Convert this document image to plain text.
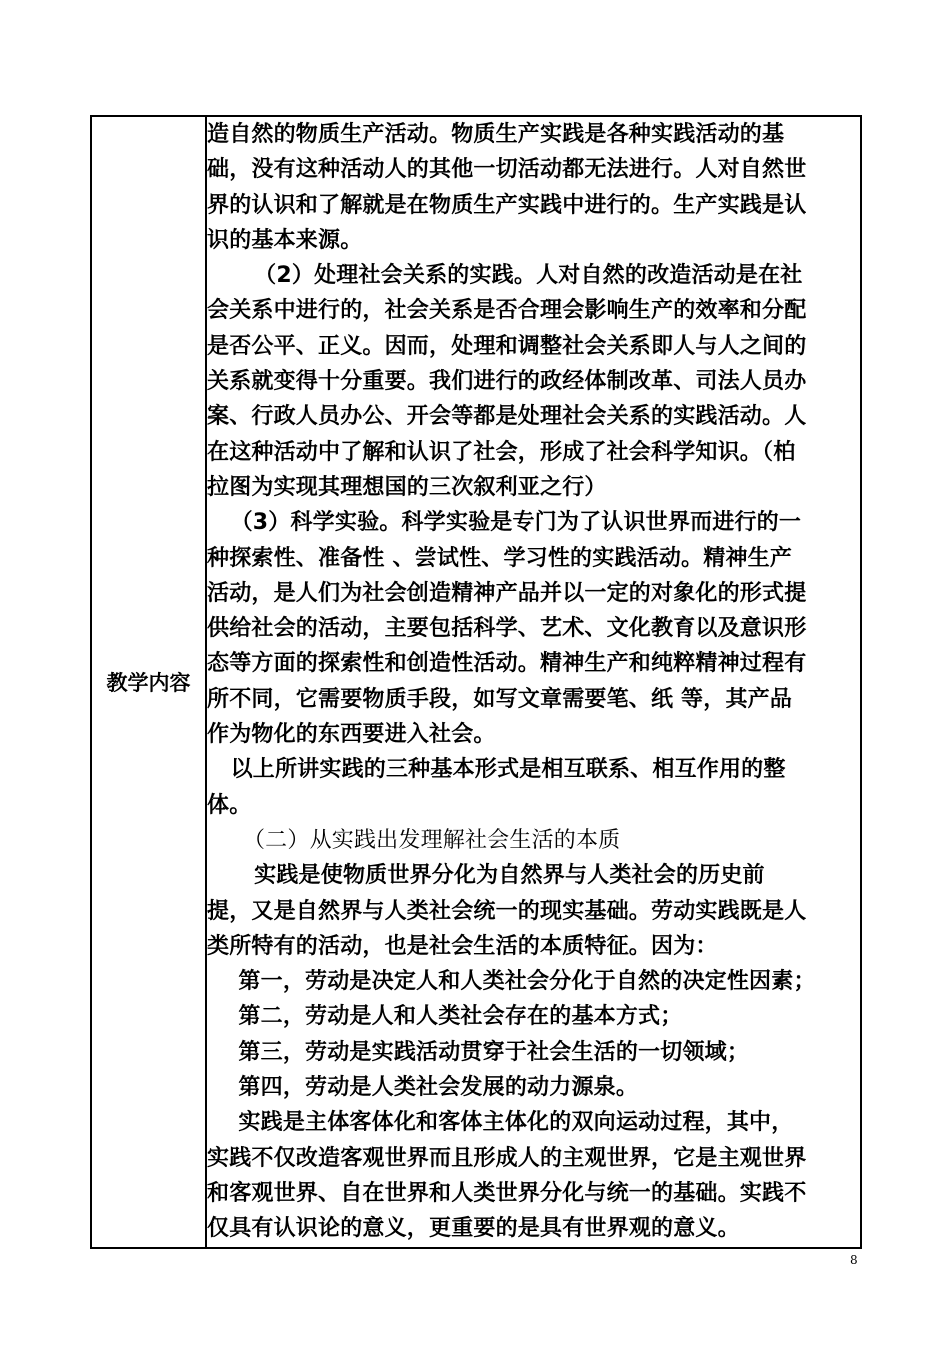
教学内容	
造自然的物质生产活动。物质生产实践是各种实践活动的基
础，没有这种活动人的其他一切活动都无法进行。人对自然世
界的认识和了解就是在物质生产实践中进行的。生产实践是认
识的基本来源。
（2）处理社会关系的实践。人对自然的改造活动是在社
会关系中进行的，社会关系是否合理会影响生产的效率和分配
是否公平、正义。因而，处理和调整社会关系即人与人之间的
关系就变得十分重要。我们进行的政经体制改革、司法人员办
案、行政人员办公、开会等都是处理社会关系的实践活动。人
在这种活动中了解和认识了社会，形成了社会科学知识。（柏
拉图为实现其理想国的三次叙利亚之行）
（3）科学实验。科学实验是专门为了认识世界而进行的一
种探索性、准备性 、尝试性、学习性的实践活动。精神生产
活动，是人们为社会创造精神产品并以一定的对象化的形式提
供给社会的活动，主要包括科学、艺术、文化教育以及意识形
态等方面的探索性和创造性活动。精神生产和纯粹精神过程有
所不同，它需要物质手段，如写文章需要笔、纸 等，其产品
作为物化的东西要进入社会。
以上所讲实践的三种基本形式是相互联系、相互作用的整
体。
（二）从实践出发理解社会生活的本质
实践是使物质世界分化为自然界与人类社会的历史前
提，又是自然界与人类社会统一的现实基础。劳动实践既是人
类所特有的活动，也是社会生活的本质特征。因为：
第一，劳动是决定人和人类社会分化于自然的决定性因素；
第二，劳动是人和人类社会存在的基本方式；
第三，劳动是实践活动贯穿于社会生活的一切领域；
第四，劳动是人类社会发展的动力源泉。
实践是主体客体化和客体主体化的双向运动过程，其中，
实践不仅改造客观世界而且形成人的主观世界，它是主观世界
和客观世界、自在世界和人类世界分化与统一的基础。实践不
仅具有认识论的意义，更重要的是具有世界观的意义。
8
